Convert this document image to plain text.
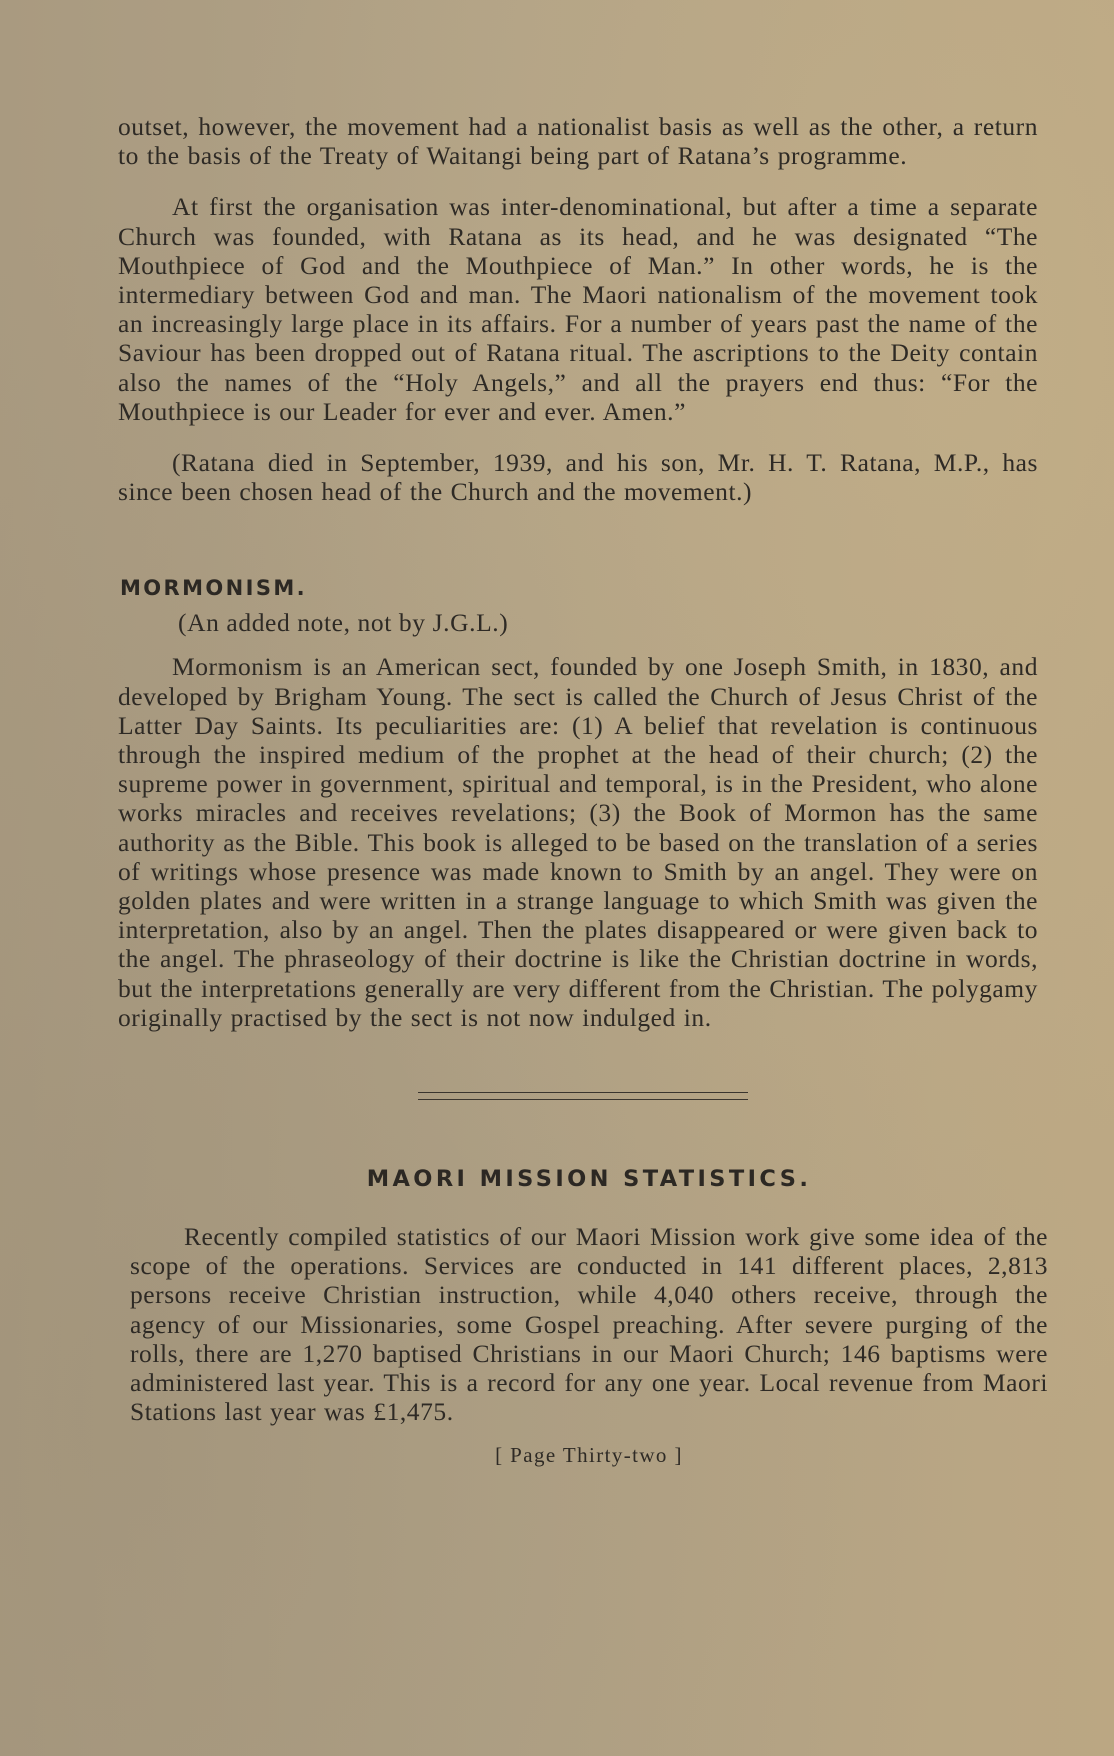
outset, however, the movement had a nationalist basis as well as the other, a return to the basis of the Treaty of Waitangi being part of Ratana’s programme.

At first the organisation was inter-denominational, but after a time a separate Church was founded, with Ratana as its head, and he was designated “The Mouthpiece of God and the Mouthpiece of Man.” In other words, he is the intermediary between God and man. The Maori nationalism of the movement took an increasingly large place in its affairs. For a number of years past the name of the Saviour has been dropped out of Ratana ritual. The ascriptions to the Deity contain also the names of the “Holy Angels,” and all the prayers end thus: “For the Mouthpiece is our Leader for ever and ever. Amen.”

(Ratana died in September, 1939, and his son, Mr. H. T. Ratana, M.P., has since been chosen head of the Church and the movement.)

MORMONISM.

(An added note, not by J.G.L.)

Mormonism is an American sect, founded by one Joseph Smith, in 1830, and developed by Brigham Young. The sect is called the Church of Jesus Christ of the Latter Day Saints. Its peculiarities are: (1) A belief that revelation is continuous through the inspired medium of the prophet at the head of their church; (2) the supreme power in government, spiritual and temporal, is in the President, who alone works miracles and receives revelations; (3) the Book of Mormon has the same authority as the Bible. This book is alleged to be based on the translation of a series of writings whose presence was made known to Smith by an angel. They were on golden plates and were written in a strange language to which Smith was given the interpretation, also by an angel. Then the plates disappeared or were given back to the angel. The phraseology of their doctrine is like the Christian doctrine in words, but the interpretations generally are very different from the Christian. The polygamy originally practised by the sect is not now indulged in.

MAORI MISSION STATISTICS.

Recently compiled statistics of our Maori Mission work give some idea of the scope of the operations. Services are conducted in 141 different places, 2,813 persons receive Christian instruction, while 4,040 others receive, through the agency of our Missionaries, some Gospel preaching. After severe purging of the rolls, there are 1,270 baptised Christians in our Maori Church; 146 baptisms were administered last year. This is a record for any one year. Local revenue from Maori Stations last year was £1,475.

[ Page Thirty-two ]
